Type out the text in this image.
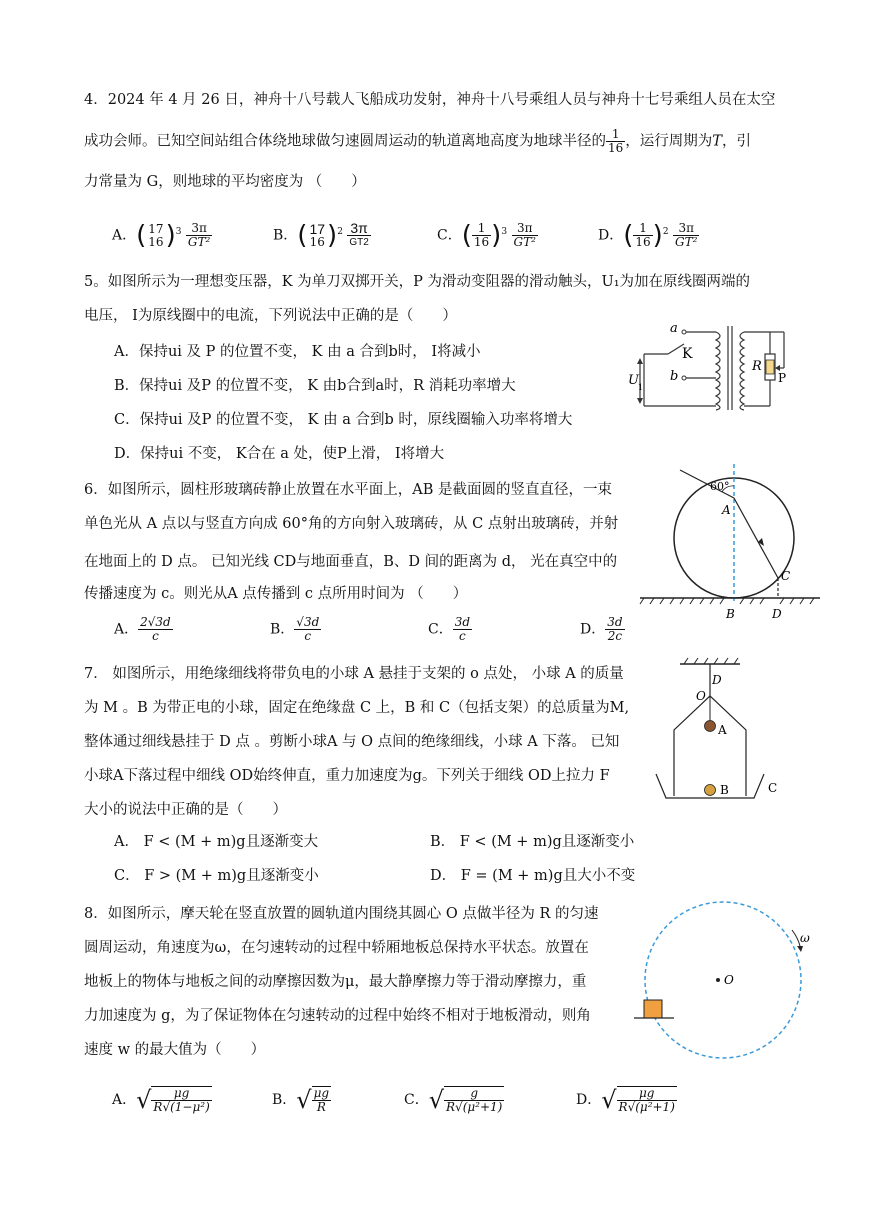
4．2024 年 4 月 26 日，神舟十八号载人飞船成功发射，神舟十八号乘组人员与神舟十七号乘组人员在太空
成功会师。已知空间站组合体绕地球做匀速圆周运动的轨道离地高度为地球半径的 $\frac{1}{16}$ ，运行周期为T，引
力常量为 G，则地球的平均密度为 （　　）
A．( 17
16 )$^3 \frac{3\pi}{\text{GT²}}$	B．( 17
16 )$^2 \frac{3\pi}{GT2}$	C．( $\frac{1}{16} )^3 \frac{3\pi}{\text{GT²}}$	D．( $\frac{1}{16} )^2 \frac{3\pi}{\text{GT²}}$
5。如图所示为一理想变压器，K 为单刀双掷开关，P 为滑动变阻器的滑动触头，U₁为加在原线圈两端的
电压， I为原线圈中的电流，下列说法中正确的是（　　）
A．保持ui 及 P 的位置不变， K 由 a 合到b时， I将减小
B．保持ui 及P 的位置不变， K 由b合到a时，R 消耗功率增大
C．保持ui 及P 的位置不变， K 由 a 合到b 时，原线圈输入功率将增大
D．保持ui 不变， K合在 a 处，使P上滑， I将增大
a
b
K
U 1
R
P
6．如图所示，圆柱形玻璃砖静止放置在水平面上，AB 是截面圆的竖直直径，一束
单色光从 A 点以与竖直方向成 60°角的方向射入玻璃砖，从 C 点射出玻璃砖，并射
在地面上的 D 点。 已知光线 CD与地面垂直，B、D 间的距离为 d， 光在真空中的
传播速度为 c。则光从A 点传播到 c 点所用时间为 （　　）
A． $\frac{2√3d}{c}$	B． $\frac{√3d}{c}$	C． $\frac{3d}{c}$	D． $\frac{3d}{2c}$
60°
A
B
C
D
7． 如图所示，用绝缘细线将带负电的小球 A 悬挂于支架的 o 点处， 小球 A 的质量
为 M 。B 为带正电的小球，固定在绝缘盘 C 上，B 和 C（包括支架）的总质量为M,
整体通过细线悬挂于 D 点 。剪断小球A 与 O 点间的绝缘细线，小球 A 下落。 已知
小球A下落过程中细线 OD始终伸直，重力加速度为g。下列关于细线 OD上拉力 F
大小的说法中正确的是（　　）
A． F < (M + m)g且逐渐变大	B． F < (M + m)g且逐渐变小
C． F > (M + m)g且逐渐变小	D． F = (M + m)g且大小不变
D
O
A
B	C
8．如图所示，摩天轮在竖直放置的圆轨道内围绕其圆心 O 点做半径为 R 的匀速
圆周运动，角速度为ω，在匀速转动的过程中轿厢地板总保持水平状态。放置在
地板上的物体与地板之间的动摩擦因数为μ，最大静摩擦力等于滑动摩擦力，重
力加速度为 g，为了保证物体在匀速转动的过程中始终不相对于地板滑动，则角
速度 w 的最大值为（　　）
A．√ $\frac{\mu g}{\text{R√(1−μ²)}}$	B．√ $\frac{\mu g}{R}$	C．√ $\frac{g}{\text{R√(μ²+1)}}$	D．√ $\frac{\mu g}{\text{R√(μ²+1)}}$
ω
O
